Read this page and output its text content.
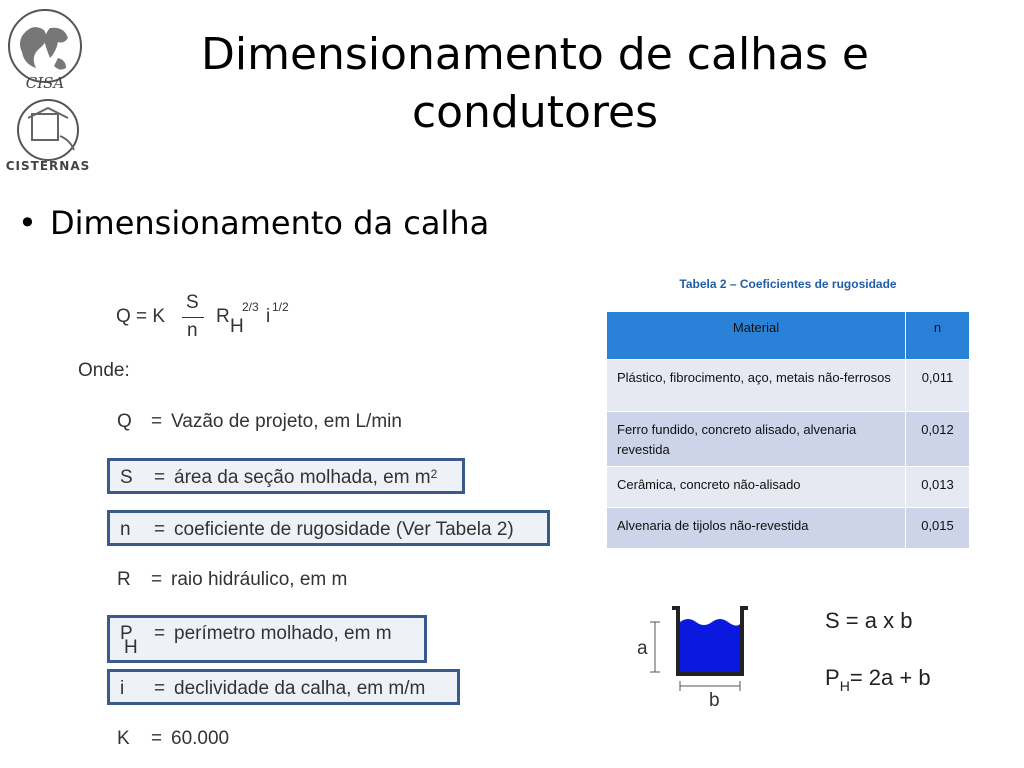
CISA
CISTERNAS
Dimensionamento de calhas e condutores
• Dimensionamento da calha
Q = K
S
n
R H
2/3 i 1/2
Onde:
Q = Vazão de projeto, em L/min
S = área da seção molhada, em $m^2$
n = coeficiente de rugosidade (Ver Tabela 2)
R = raio hidráulico, em m
P
H
= perímetro molhado, em m
i = declividade da calha, em m/m
K = 60.000
Tabela 2 – Coeficientes de rugosidade
Material	n
Plástico, fibrocimento, aço, metais não-ferrosos	0,011
Ferro fundido, concreto alisado, alvenaria revestida	0,012
Cerâmica, concreto não-alisado	0,013
Alvenaria de tijolos não-revestida	0,015
a
b
S = a x b
$P_H= 2a + b$
